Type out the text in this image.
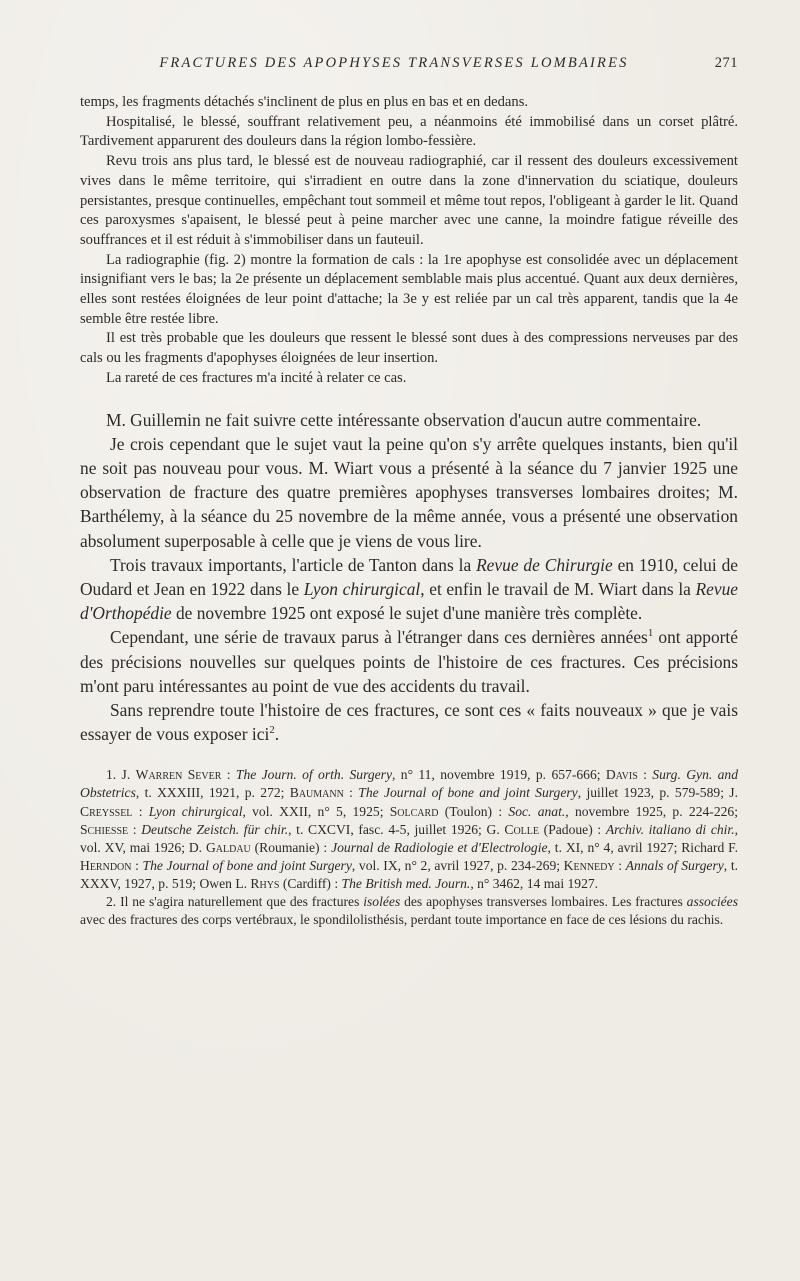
FRACTURES DES APOPHYSES TRANSVERSES LOMBAIRES	271

temps, les fragments détachés s'inclinent de plus en plus en bas et en dedans.

Hospitalisé, le blessé, souffrant relativement peu, a néanmoins été immobilisé dans un corset plâtré. Tardivement apparurent des douleurs dans la région lombo-fessière.

Revu trois ans plus tard, le blessé est de nouveau radiographié, car il ressent des douleurs excessivement vives dans le même territoire, qui s'irradient en outre dans la zone d'innervation du sciatique, douleurs persistantes, presque continuelles, empêchant tout sommeil et même tout repos, l'obligeant à garder le lit. Quand ces paroxysmes s'apaisent, le blessé peut à peine marcher avec une canne, la moindre fatigue réveille des souffrances et il est réduit à s'immobiliser dans un fauteuil.

La radiographie (fig. 2) montre la formation de cals : la 1re apophyse est consolidée avec un déplacement insignifiant vers le bas; la 2e présente un déplacement semblable mais plus accentué. Quant aux deux dernières, elles sont restées éloignées de leur point d'attache; la 3e y est reliée par un cal très apparent, tandis que la 4e semble être restée libre.

Il est très probable que les douleurs que ressent le blessé sont dues à des compressions nerveuses par des cals ou les fragments d'apophyses éloignées de leur insertion.

La rareté de ces fractures m'a incité à relater ce cas.

M. Guillemin ne fait suivre cette intéressante observation d'aucun autre commentaire.

Je crois cependant que le sujet vaut la peine qu'on s'y arrête quelques instants, bien qu'il ne soit pas nouveau pour vous. M. Wiart vous a présenté à la séance du 7 janvier 1925 une observation de fracture des quatre premières apophyses transverses lombaires droites; M. Barthélemy, à la séance du 25 novembre de la même année, vous a présenté une observation absolument superposable à celle que je viens de vous lire.

Trois travaux importants, l'article de Tanton dans la Revue de Chirurgie en 1910, celui de Oudard et Jean en 1922 dans le Lyon chirurgical, et enfin le travail de M. Wiart dans la Revue d'Orthopédie de novembre 1925 ont exposé le sujet d'une manière très complète.

Cependant, une série de travaux parus à l'étranger dans ces dernières années$^1$ ont apporté des précisions nouvelles sur quelques points de l'histoire de ces fractures. Ces précisions m'ont paru intéressantes au point de vue des accidents du travail.

Sans reprendre toute l'histoire de ces fractures, ce sont ces « faits nouveaux » que je vais essayer de vous exposer ici$^2$.

1. J. Warren Sever : The Journ. of orth. Surgery, n° 11, novembre 1919, p. 657-666; Davis : Surg. Gyn. and Obstetrics, t. XXXIII, 1921, p. 272; Baumann : The Journal of bone and joint Surgery, juillet 1923, p. 579-589; J. Creyssel : Lyon chirurgical, vol. XXII, n° 5, 1925; Solcard (Toulon) : Soc. anat., novembre 1925, p. 224-226; Schiesse : Deutsche Zeistch. für chir., t. CXCVI, fasc. 4-5, juillet 1926; G. Colle (Padoue) : Archiv. italiano di chir., vol. XV, mai 1926; D. Galdau (Roumanie) : Journal de Radiologie et d'Electrologie, t. XI, n° 4, avril 1927; Richard F. Herndon : The Journal of bone and joint Surgery, vol. IX, n° 2, avril 1927, p. 234-269; Kennedy : Annals of Surgery, t. XXXV, 1927, p. 519; Owen L. Rhys (Cardiff) : The British med. Journ., n° 3462, 14 mai 1927.

2. Il ne s'agira naturellement que des fractures isolées des apophyses transverses lombaires. Les fractures associées avec des fractures des corps vertébraux, le spondilolisthésis, perdant toute importance en face de ces lésions du rachis.
